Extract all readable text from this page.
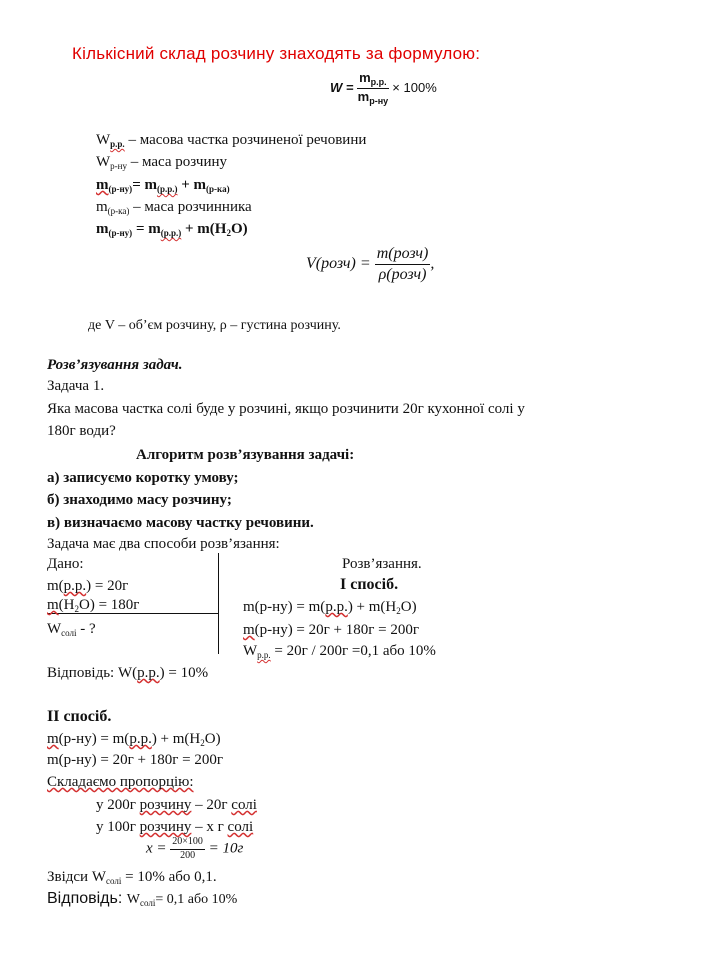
Кількісний склад розчину знаходять за формулою:
$W = \frac{m_{р.р.}}{m_{р-ну}} \times 100\%$
$W_{р.р.}$ – масова частка розчиненої речовини
$W_{р-ну}$ – маса розчину
$m_{(р-ну)}= m_{(р.р.)} + m_{(р-ка)}$
$m_{(р-ка)}$ – маса розчинника
$m_{(р-ну)} = m_{(р.р.)} + m(H_2O)$
V(розч) = $\frac{\text{m(розч)}}{\text{ρ(розч)}}$ ,
де V – об’єм розчину, ρ – густина розчину.
Розв’язування задач.
Задача 1.
Яка масова частка солі буде у розчині, якщо розчинити 20г кухонної солі у
180г води?
Алгоритм розв’язування задачі:
а) записуємо коротку умову;
б) знаходимо масу розчину;
в) визначаємо масову частку речовини.
Задача має два способи розв’язання:
Дано:
m(р.р.) = 20г
$m(H_2O) = 180г$
$W_{солі}$ - ?
Розв’язання.
І спосіб.
$m(р-ну) = m(р.р.) + m(H_2O)$
m(р-ну) = 20г + 180г = 200г
$W_{р.р.} = 20г / 200г =0,1$ або 10%
Відповідь: W(р.р.) = 10%
ІІ спосіб.
$m(р-ну) = m(р.р.) + m(H_2O)$
m(р-ну) = 20г + 180г = 200г
Складаємо пропорцію:
у 200г розчину – 20г солі
у 100г розчину – х г солі
$x = \frac{20\times 100}{200} = 10г$
Звідси $W_{солі} = 10\%$ або 0,1.
Відповідь: $W_{солі}= 0,1$ або 10%
